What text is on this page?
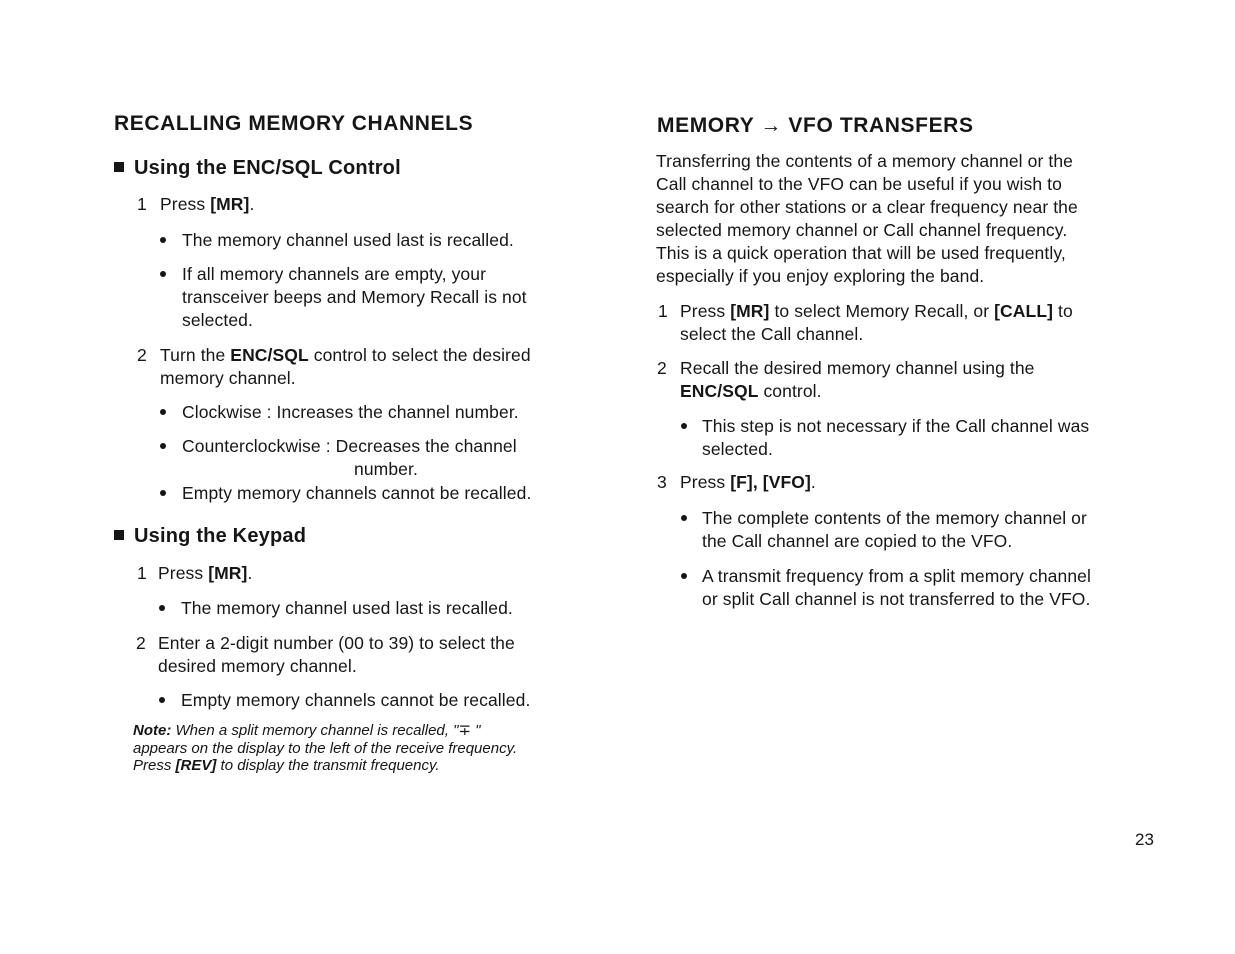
RECALLING MEMORY CHANNELS
Using the ENC/SQL Control
1 Press [MR].
The memory channel used last is recalled.
If all memory channels are empty, your
transceiver beeps and Memory Recall is not
selected.
2 Turn the ENC/SQL control to select the desired
memory channel.
Clockwise : Increases the channel number.
Counterclockwise : Decreases the channel
number.
Empty memory channels cannot be recalled.
Using the Keypad
1 Press [MR].
The memory channel used last is recalled.
2 Enter a 2-digit number (00 to 39) to select the
desired memory channel.
Empty memory channels cannot be recalled.
Note: When a split memory channel is recalled, "∓ "
appears on the display to the left of the receive frequency.
Press [REV] to display the transmit frequency.
MEMORY → VFO TRANSFERS
Transferring the contents of a memory channel or the
Call channel to the VFO can be useful if you wish to
search for other stations or a clear frequency near the
selected memory channel or Call channel frequency.
This is a quick operation that will be used frequently,
especially if you enjoy exploring the band.
1 Press [MR] to select Memory Recall, or [CALL] to
select the Call channel.
2 Recall the desired memory channel using the
ENC/SQL control.
This step is not necessary if the Call channel was
selected.
3 Press [F], [VFO].
The complete contents of the memory channel or
the Call channel are copied to the VFO.
A transmit frequency from a split memory channel
or split Call channel is not transferred to the VFO.
23
